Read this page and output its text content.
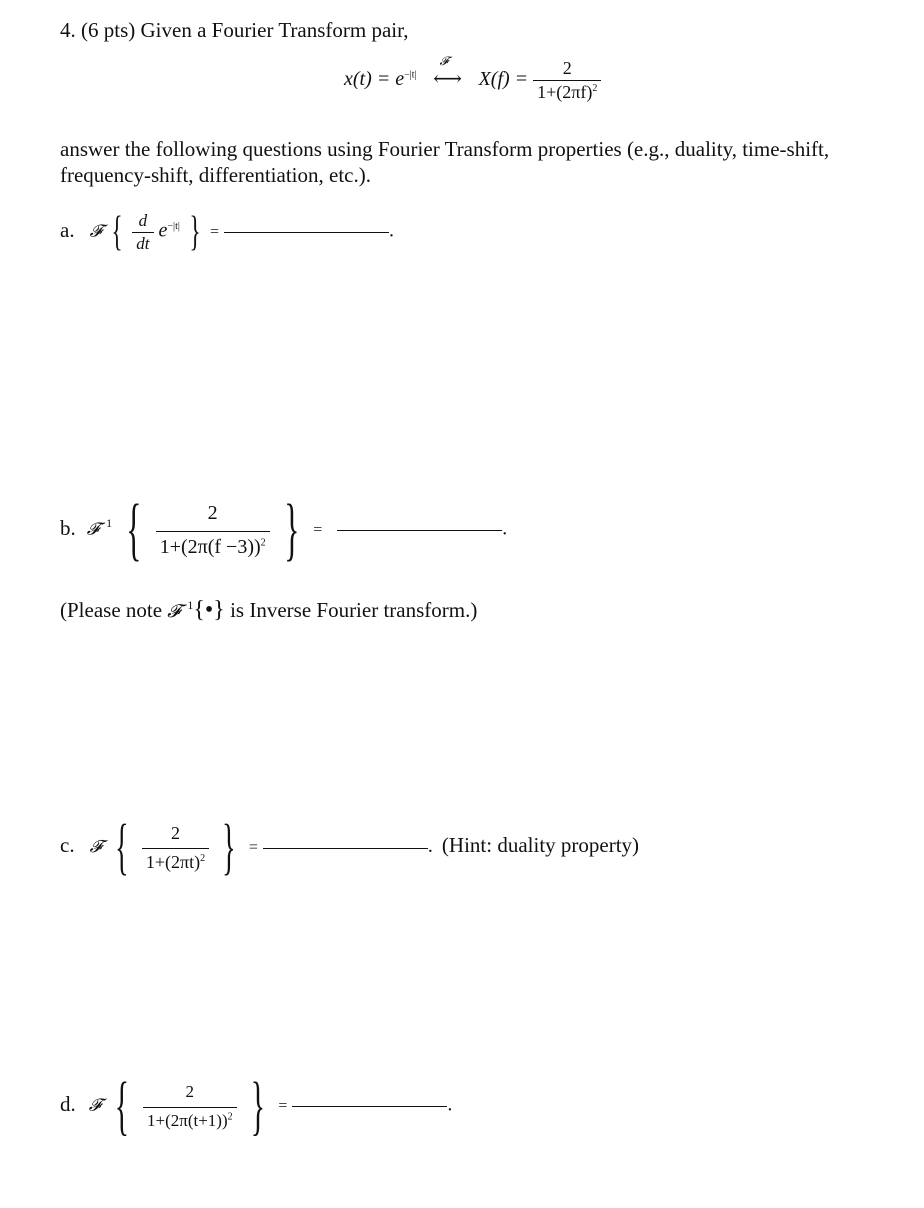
4. (6 pts) Given a Fourier Transform pair,
$x(t) = e^{-|t|}$
𝓕
⟷ $X(f) = \frac{2}{1+(2\pi f)^2}$
answer the following questions using Fourier Transform properties (e.g., duality, time-shift,
frequency-shift, differentiation, etc.).
a. 𝓕 { $\frac{d}{dt} e^{-|t|}$ } =	.
b. 𝓕$^{-1}$ { $\frac{2}{1+(2\pi(f -3))^2}$ } =	.
(Please note 𝓕$^{-1}${•} is Inverse Fourier transform.)
c. 𝓕 { $\frac{2}{1+(2\pi t)^2}$ } =	. (Hint: duality property)
d. 𝓕 { $\frac{2}{1+(2\pi(t+1))^2}$ } =	.
